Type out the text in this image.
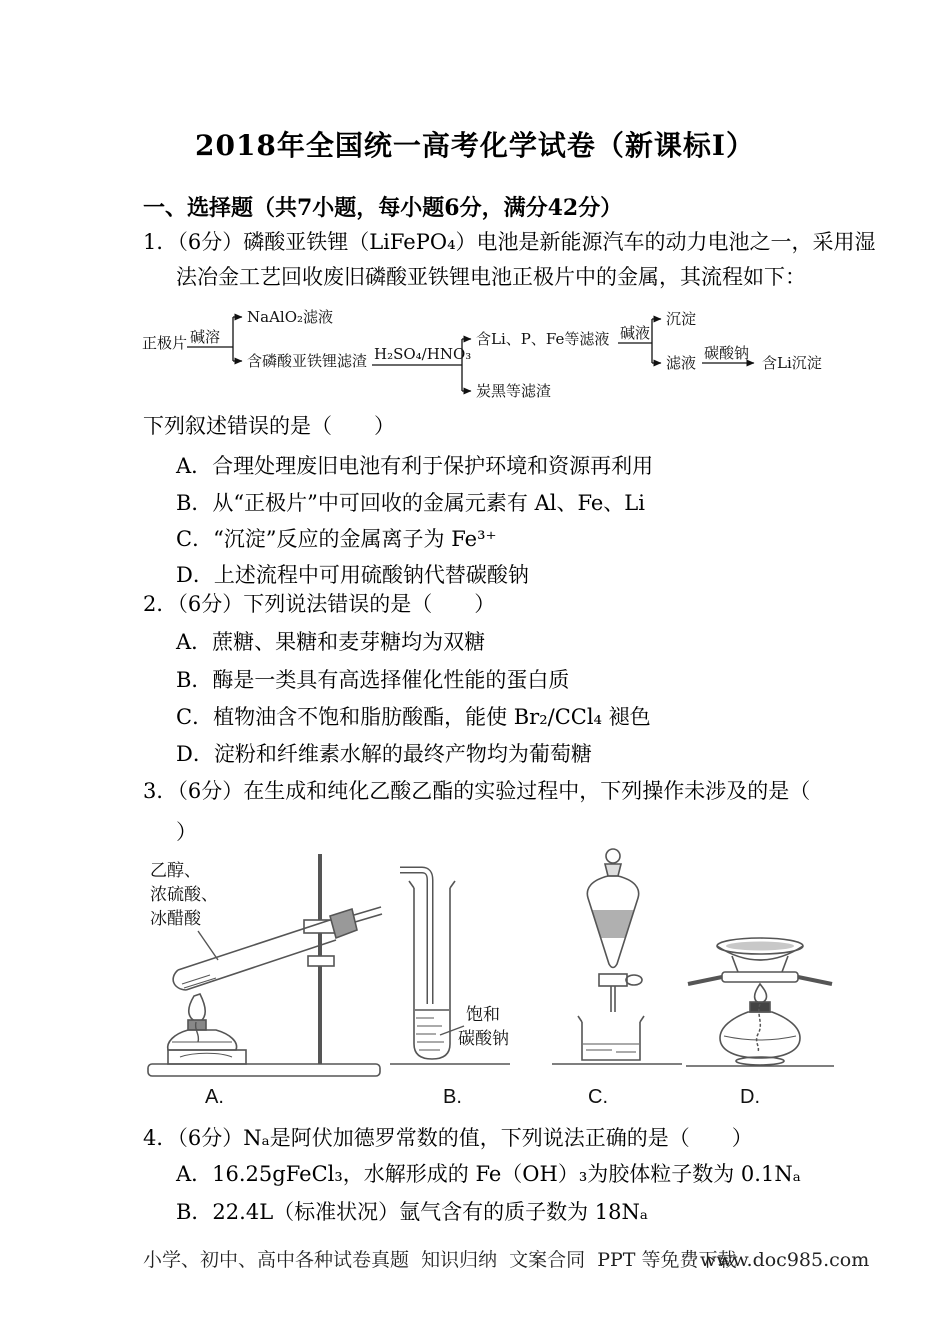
2018年全国统一高考化学试卷（新课标Ⅰ）
一、选择题（共7小题，每小题6分，满分42分）
1．（6分）磷酸亚铁锂（LiFePO₄）电池是新能源汽车的动力电池之一，采用湿
法冶金工艺回收废旧磷酸亚铁锂电池正极片中的金属，其流程如下：
正极片 碱溶
NaAlO₂滤液
含磷酸亚铁锂滤渣 H₂SO₄/HNO₃
含Li、P、Fe等滤液
炭黑等滤渣
碱液
沉淀
滤液
碳酸钠
含Li沉淀
下列叙述错误的是（　　）
A．合理处理废旧电池有利于保护环境和资源再利用
B．从“正极片”中可回收的金属元素有 Al、Fe、Li
C．“沉淀”反应的金属离子为 Fe³⁺
D．上述流程中可用硫酸钠代替碳酸钠
2．（6分）下列说法错误的是（　　）
A．蔗糖、果糖和麦芽糖均为双糖
B．酶是一类具有高选择催化性能的蛋白质
C．植物油含不饱和脂肪酸酯，能使 Br₂/CCl₄ 褪色
D．淀粉和纤维素水解的最终产物均为葡萄糖
3．（6分）在生成和纯化乙酸乙酯的实验过程中，下列操作未涉及的是（
）
乙醇、
浓硫酸、
冰醋酸
饱和
碳酸钠
A.	B.	C.	D.
4．（6分）Nₐ是阿伏加德罗常数的值，下列说法正确的是（　　）
A．16.25gFeCl₃，水解形成的 Fe（OH）₃为胶体粒子数为 0.1Nₐ
B．22.4L（标准状况）氩气含有的质子数为 18Nₐ
小学、初中、高中各种试卷真题  知识归纳  文案合同  PPT 等免费下载
www.doc985.com
